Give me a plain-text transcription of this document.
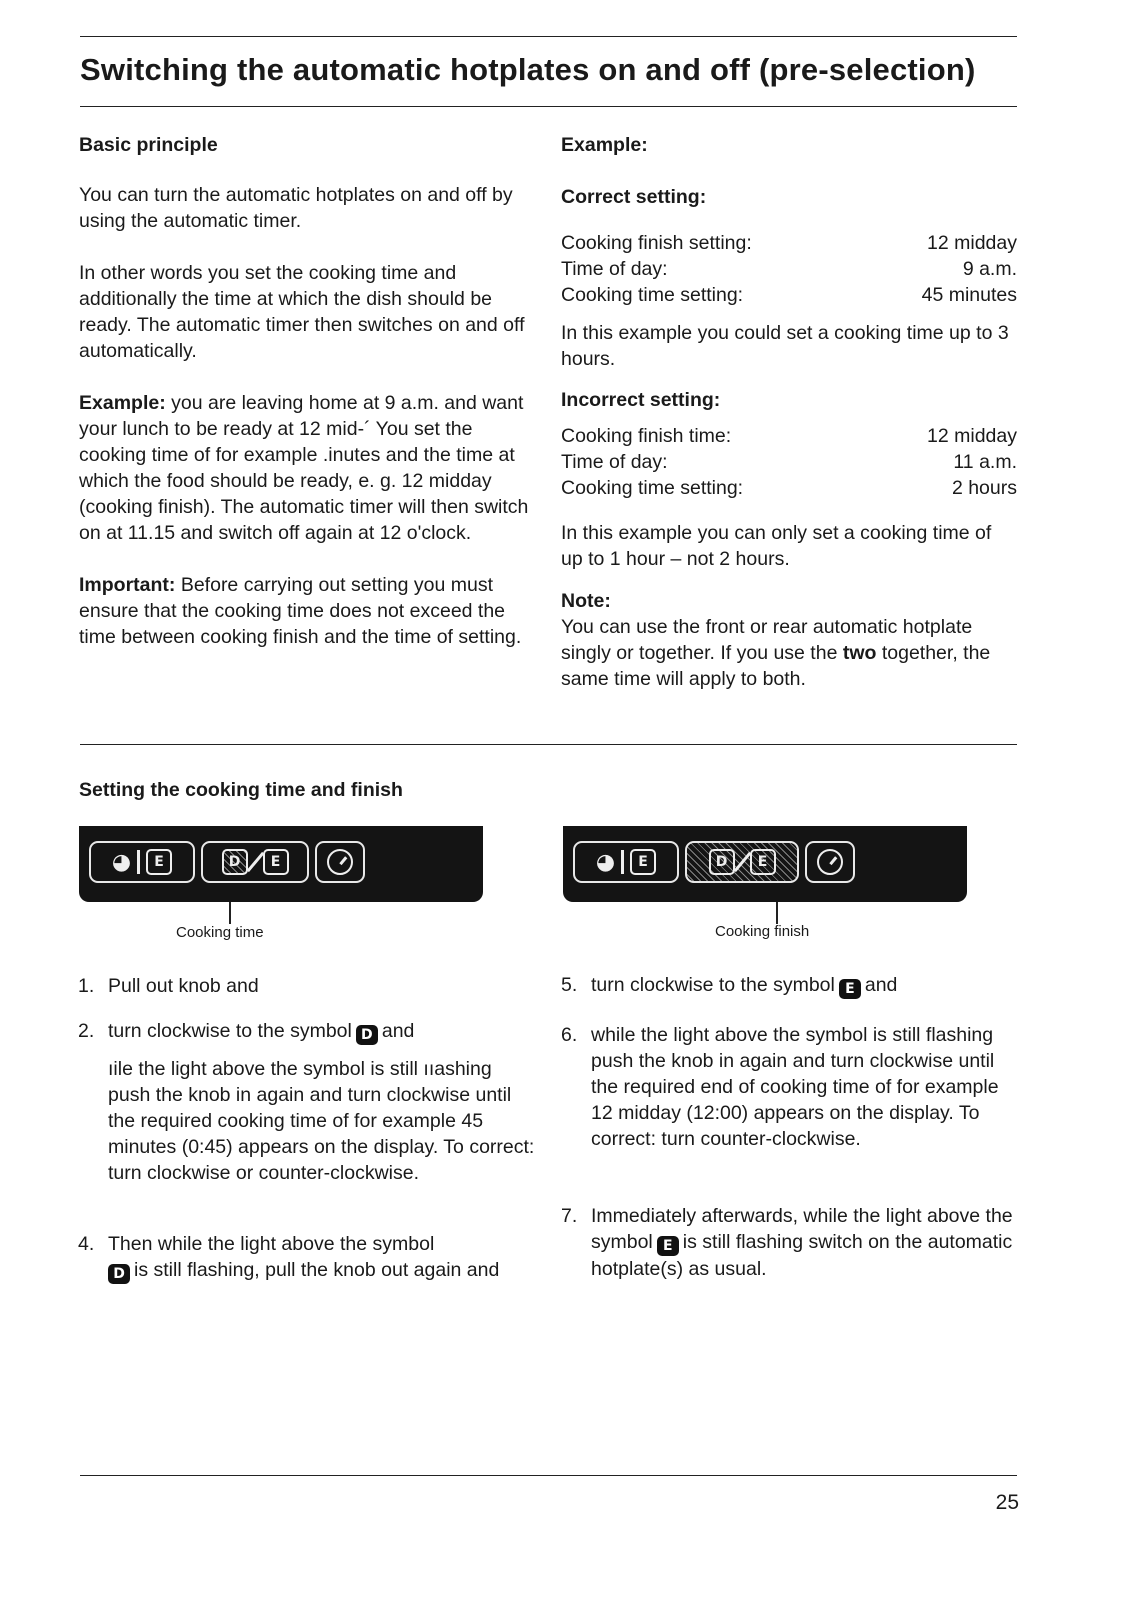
Switching the automatic hotplates on and off (pre-selection)

Basic principle

You can turn the automatic hotplates on and off by using the automatic timer.

In other words you set the cooking time and additionally the time at which the dish should be ready. The automatic timer then switches on and off automatically.

Example: you are leaving home at 9 a.m. and want your lunch to be ready at 12 mid-´ You set the cooking time of for example .inutes and the time at which the food should be ready, e. g. 12 midday (cooking finish). The automatic timer will then switch on at 11.15 and switch off again at 12 o'clock.

Important: Before carrying out setting you must ensure that the cooking time does not exceed the time between cooking finish and the time of setting.

Example:

Correct setting:

Cooking finish setting:	12 midday
Time of day:	9 a.m.
Cooking time setting:	45 minutes

In this example you could set a cooking time up to 3 hours.

Incorrect setting:

Cooking finish time:	12 midday
Time of day:	11 a.m.
Cooking time setting:	2 hours

In this example you can only set a cooking time of up to 1 hour – not 2 hours.

Note:

You can use the front or rear automatic hotplate singly or together. If you use the two together, the same time will apply to both.

Setting the cooking time and finish
◕	E	D	E
Cooking time
◕	E	D	E
Cooking finish
1. Pull out knob and
2. turn clockwise to the symbol D and
ıile the light above the symbol is still ııashing push the knob in again and turn clockwise until the required cooking time of for example 45 minutes (0:45) appears on the display. To correct: turn clockwise or counter-clockwise.
4. Then while the light above the symbol
D is still flashing, pull the knob out again and
5. turn clockwise to the symbol E and
6. while the light above the symbol is still flashing push the knob in again and turn clockwise until the required end of cooking time of for example 12 midday (12:00) appears on the display. To correct: turn counter-clockwise.
7. Immediately afterwards, while the light above the symbol E is still flashing switch on the automatic hotplate(s) as usual.
25
